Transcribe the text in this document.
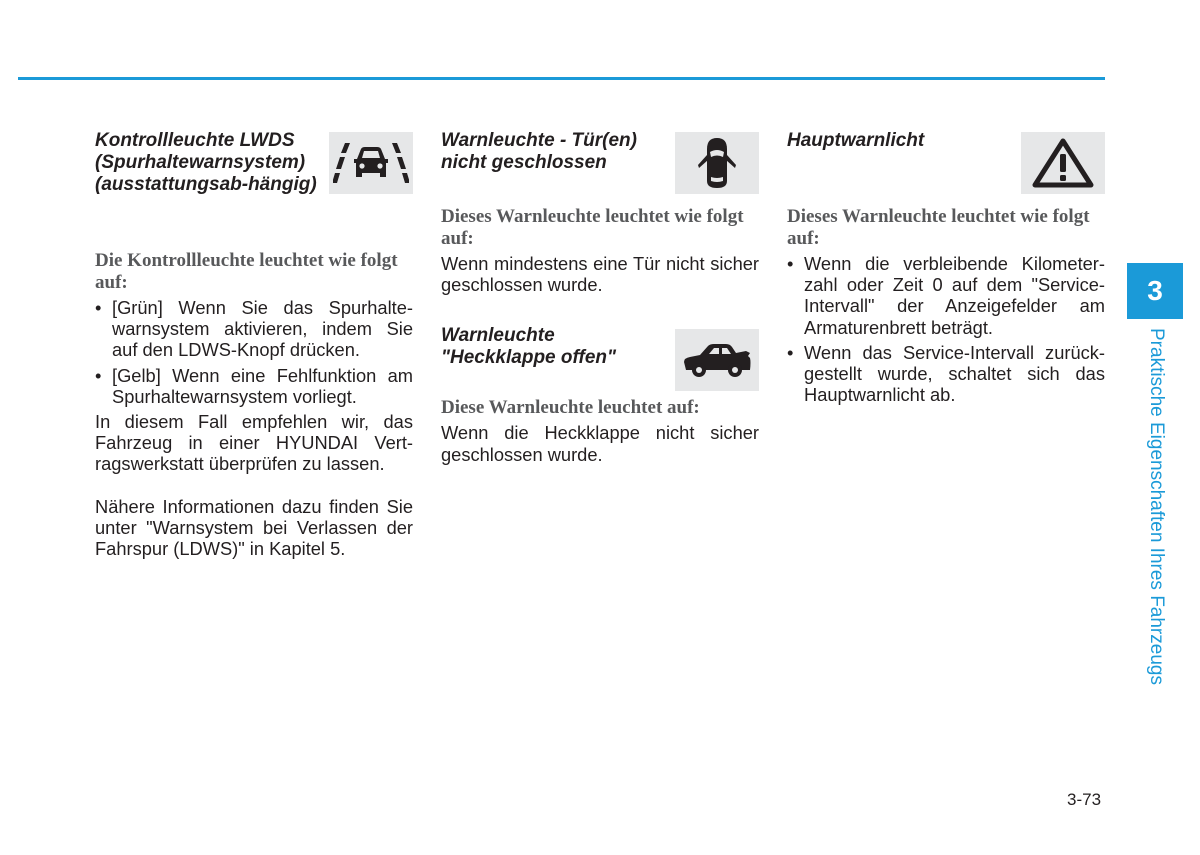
Kontrollleuchte LWDS (Spurhaltewarnsystem) (ausstattungsab-hängig)

Die Kontrollleuchte leuchtet wie folgt auf:

• [Grün] Wenn Sie das Spurhalte-warnsystem aktivieren, indem Sie auf den LDWS-Knopf drücken.
• [Gelb] Wenn eine Fehlfunktion am Spurhaltewarnsystem vorliegt.

In diesem Fall empfehlen wir, das Fahrzeug in einer HYUNDAI Vert-ragswerkstatt überprüfen zu lassen.

Nähere Informationen dazu finden Sie unter "Warnsystem bei Verlassen der Fahrspur (LDWS)" in Kapitel 5.

Warnleuchte - Tür(en) nicht geschlossen

Dieses Warnleuchte leuchtet wie folgt auf:

Wenn mindestens eine Tür nicht sicher geschlossen wurde.

Warnleuchte "Heckklappe offen"

Diese Warnleuchte leuchtet auf:

Wenn die Heckklappe nicht sicher geschlossen wurde.

Hauptwarnlicht

Dieses Warnleuchte leuchtet wie folgt auf:

• Wenn die verbleibende Kilometer-zahl oder Zeit 0 auf dem "Service-Intervall" der Anzeigefelder am Armaturenbrett beträgt.
• Wenn das Service-Intervall zurück-gestellt wurde, schaltet sich das Hauptwarnlicht ab.
3
Praktische Eigenschaften Ihres Fahrzeugs
3-73
